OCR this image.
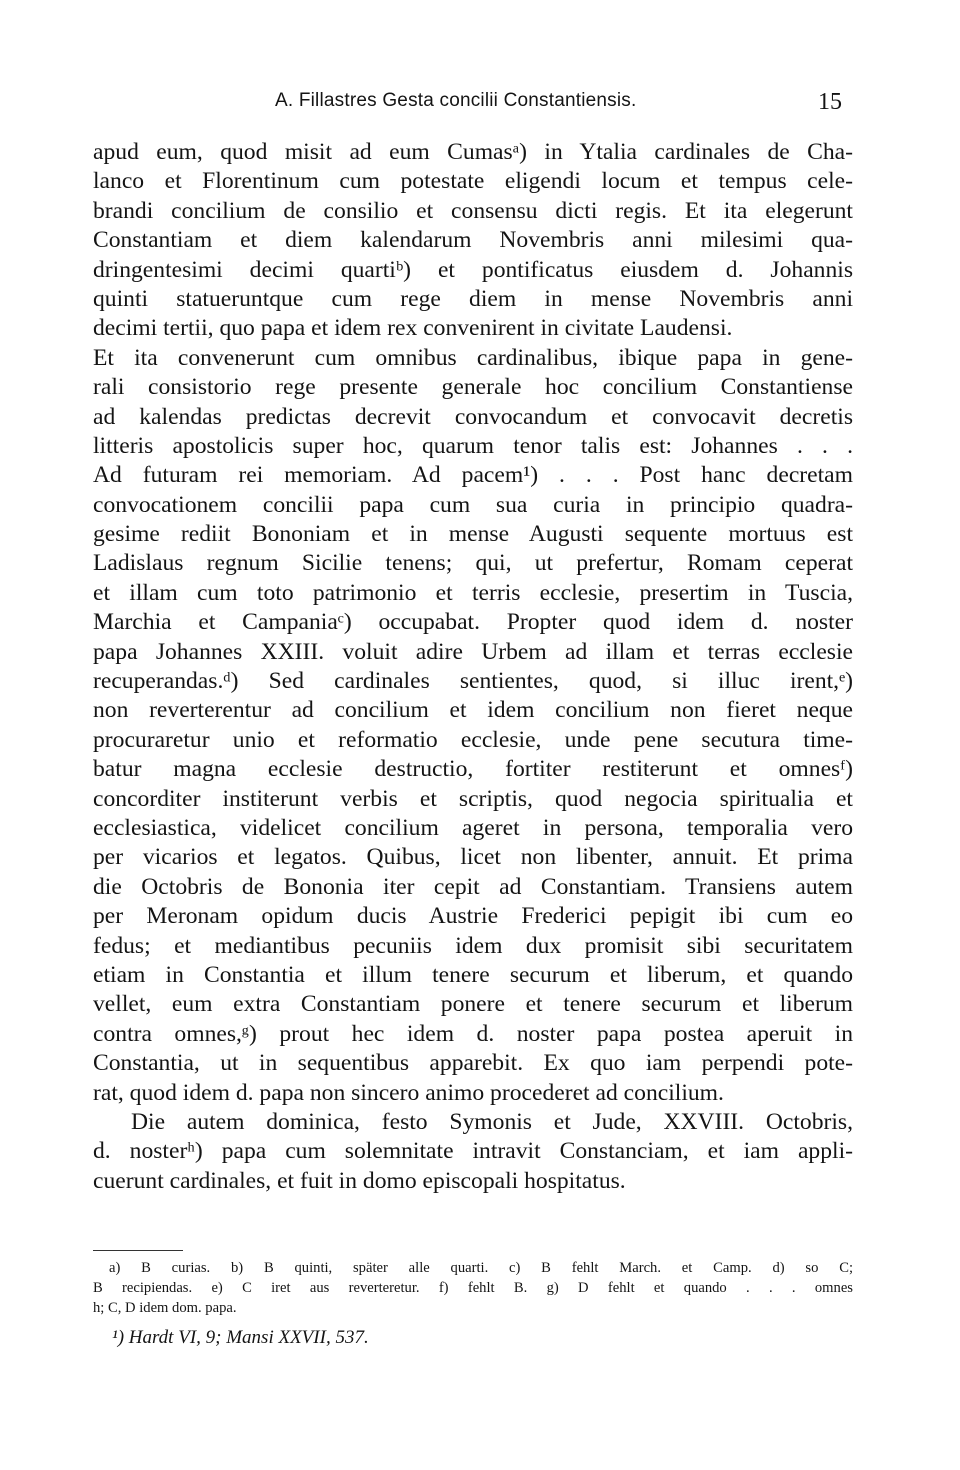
A. Fillastres Gesta concilii Constantiensis.	15
apud eum, quod misit ad eum Cumasᵃ) in Ytalia cardinales de Cha-
lanco et Florentinum cum potestate eligendi locum et tempus cele-
brandi concilium de consilio et consensu dicti regis. Et ita elegerunt
Constantiam et diem kalendarum Novembris anni milesimi qua-
dringentesimi decimi quartiᵇ) et pontificatus eiusdem d. Johannis
quinti statueruntque cum rege diem in mense Novembris anni
decimi tertii, quo papa et idem rex convenirent in civitate Laudensi.
Et ita convenerunt cum omnibus cardinalibus, ibique papa in gene-
rali consistorio rege presente generale hoc concilium Constantiense
ad kalendas predictas decrevit convocandum et convocavit decretis
litteris apostolicis super hoc, quarum tenor talis est: Johannes . . .
Ad futuram rei memoriam. Ad pacem¹) . . . Post hanc decretam
convocationem concilii papa cum sua curia in principio quadra-
gesime rediit Bononiam et in mense Augusti sequente mortuus est
Ladislaus regnum Sicilie tenens; qui, ut prefertur, Romam ceperat
et illam cum toto patrimonio et terris ecclesie, presertim in Tuscia,
Marchia et Campaniaᶜ) occupabat. Propter quod idem d. noster
papa Johannes XXIII. voluit adire Urbem ad illam et terras ecclesie
recuperandas.ᵈ) Sed cardinales sentientes, quod, si illuc irent,ᵉ)
non reverterentur ad concilium et idem concilium non fieret neque
procuraretur unio et reformatio ecclesie, unde pene secutura time-
batur magna ecclesie destructio, fortiter restiterunt et omnesᶠ)
concorditer institerunt verbis et scriptis, quod negocia spiritualia et
ecclesiastica, videlicet concilium ageret in persona, temporalia vero
per vicarios et legatos. Quibus, licet non libenter, annuit. Et prima
die Octobris de Bononia iter cepit ad Constantiam. Transiens autem
per Meronam opidum ducis Austrie Frederici pepigit ibi cum eo
fedus; et mediantibus pecuniis idem dux promisit sibi securitatem
etiam in Constantia et illum tenere securum et liberum, et quando
vellet, eum extra Constantiam ponere et tenere securum et liberum
contra omnes,ᵍ) prout hec idem d. noster papa postea aperuit in
Constantia, ut in sequentibus apparebit. Ex quo iam perpendi pote-
rat, quod idem d. papa non sincero animo procederet ad concilium.
Die autem dominica, festo Symonis et Jude, XXVIII. Octobris,
d. nosterʰ) papa cum solemnitate intravit Constanciam, et iam appli-
cuerunt cardinales, et fuit in domo episcopali hospitatus.
a) B curias. b) B quinti, später alle quarti. c) B fehlt March. et Camp. d) so C;
B recipiendas. e) C iret aus reverteretur. f) fehlt B. g) D fehlt et quando . . . omnes
h; C, D idem dom. papa.
¹) Hardt VI, 9; Mansi XXVII, 537.
